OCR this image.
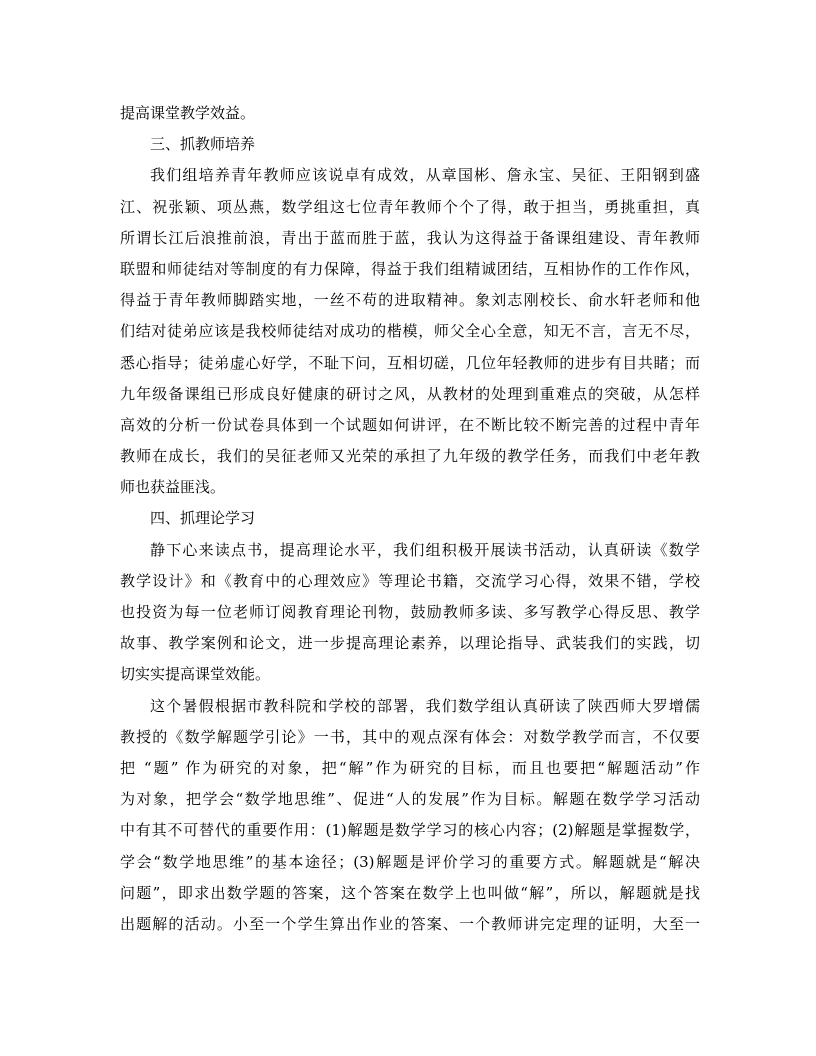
提高课堂教学效益。
三、抓教师培养
我们组培养青年教师应该说卓有成效，从章国彬、詹永宝、吴征、王阳钢到盛
江、祝张颖、项丛燕，数学组这七位青年教师个个了得，敢于担当，勇挑重担，真
所谓长江后浪推前浪，青出于蓝而胜于蓝，我认为这得益于备课组建设、青年教师
联盟和师徒结对等制度的有力保障，得益于我们组精诚团结，互相协作的工作作风，
得益于青年教师脚踏实地，一丝不苟的进取精神。象刘志刚校长、俞水轩老师和他
们结对徒弟应该是我校师徒结对成功的楷模，师父全心全意，知无不言，言无不尽，
悉心指导；徒弟虚心好学，不耻下问，互相切磋，几位年轻教师的进步有目共睹；而
九年级备课组已形成良好健康的研讨之风，从教材的处理到重难点的突破，从怎样
高效的分析一份试卷具体到一个试题如何讲评，在不断比较不断完善的过程中青年
教师在成长，我们的吴征老师又光荣的承担了九年级的教学任务，而我们中老年教
师也获益匪浅。
四、抓理论学习
静下心来读点书，提高理论水平，我们组积极开展读书活动，认真研读《数学
教学设计》和《教育中的心理效应》等理论书籍，交流学习心得，效果不错，学校
也投资为每一位老师订阅教育理论刊物，鼓励教师多读、多写教学心得反思、教学
故事、教学案例和论文，进一步提高理论素养，以理论指导、武装我们的实践，切
切实实提高课堂效能。
这个暑假根据市教科院和学校的部署，我们数学组认真研读了陕西师大罗增儒
教授的《数学解题学引论》一书，其中的观点深有体会：对数学教学而言，不仅要
把 “题” 作为研究的对象，把“解”作为研究的目标，而且也要把“解题活动”作
为对象，把学会“数学地思维”、促进“人的发展”作为目标。解题在数学学习活动
中有其不可替代的重要作用：(1)解题是数学学习的核心内容；(2)解题是掌握数学，
学会“数学地思维”的基本途径；(3)解题是评价学习的重要方式。解题就是“解决
问题”，即求出数学题的答案，这个答案在数学上也叫做“解”，所以，解题就是找
出题解的活动。小至一个学生算出作业的答案、一个教师讲完定理的证明，大至一
